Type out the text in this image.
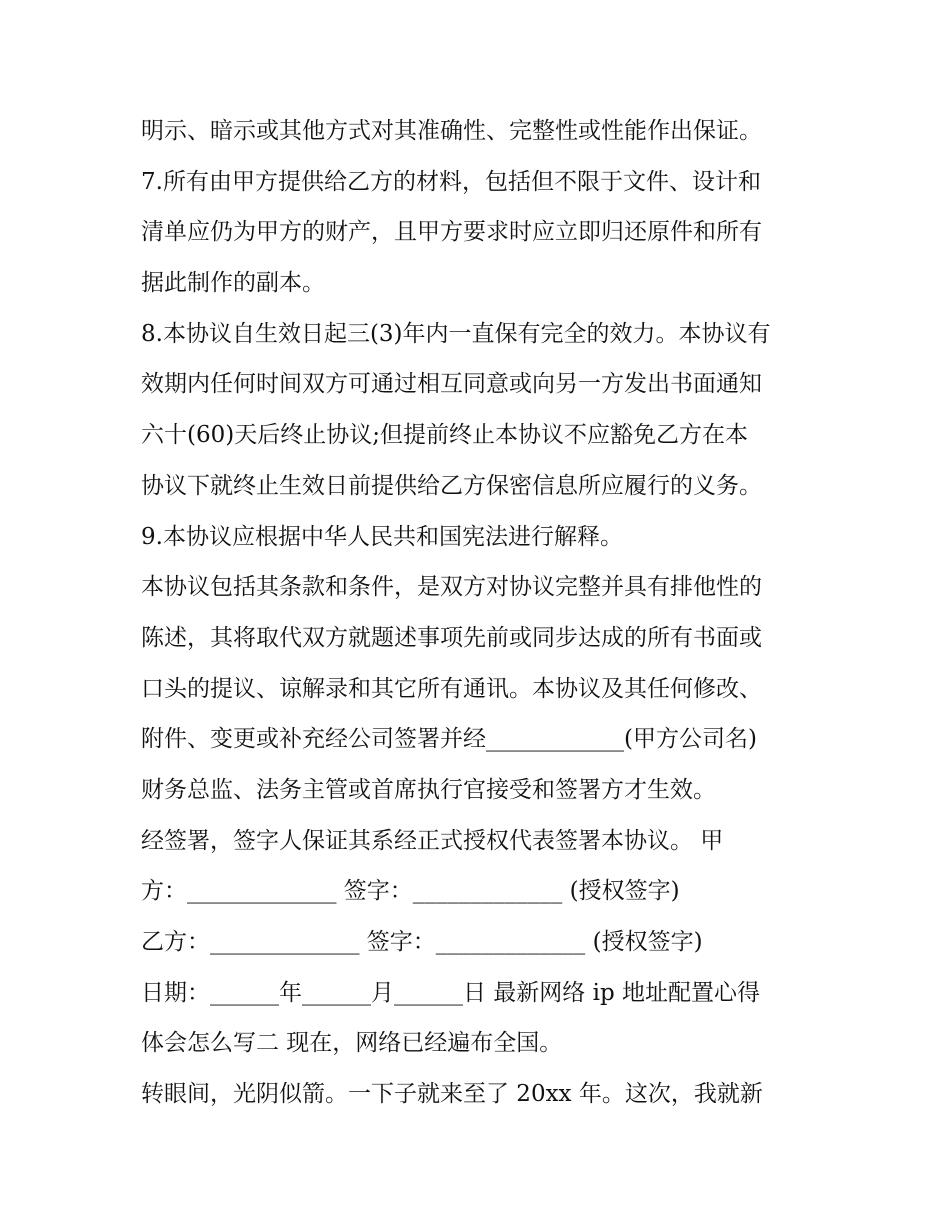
明示、暗示或其他方式对其准确性、完整性或性能作出保证。
7.所有由甲方提供给乙方的材料，包括但不限于文件、设计和
清单应仍为甲方的财产，且甲方要求时应立即归还原件和所有
据此制作的副本。
8.本协议自生效日起三(3)年内一直保有完全的效力。本协议有
效期内任何时间双方可通过相互同意或向另一方发出书面通知
六十(60)天后终止协议;但提前终止本协议不应豁免乙方在本
协议下就终止生效日前提供给乙方保密信息所应履行的义务。
9.本协议应根据中华人民共和国宪法进行解释。
本协议包括其条款和条件，是双方对协议完整并具有排他性的
陈述，其将取代双方就题述事项先前或同步达成的所有书面或
口头的提议、谅解录和其它所有通讯。本协议及其任何修改、
附件、变更或补充经公司签署并经____________(甲方公司名)
财务总监、法务主管或首席执行官接受和签署方才生效。
经签署，签字人保证其系经正式授权代表签署本协议。 甲
方：_____________ 签字：_____________ (授权签字)
乙方：_____________ 签字：_____________ (授权签字)
日期：______年______月______日 最新网络 ip 地址配置心得
体会怎么写二 现在，网络已经遍布全国。
转眼间，光阴似箭。一下子就来至了 20xx 年。这次，我就新
